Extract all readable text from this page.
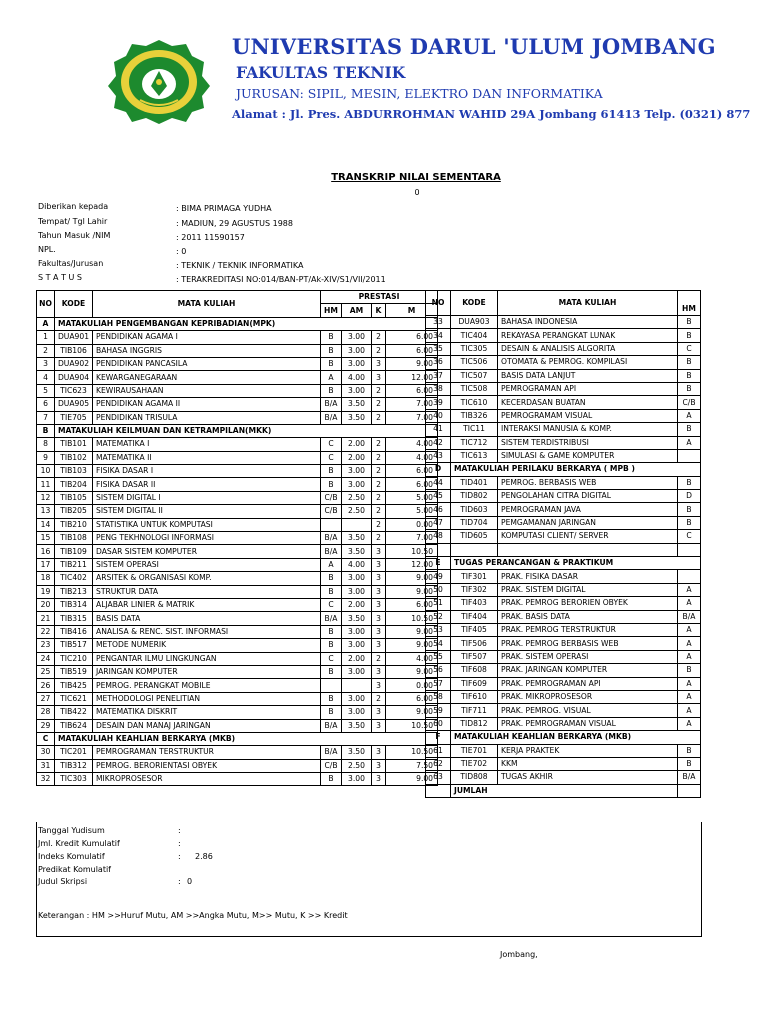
UNIVERSITAS DARUL 'ULUM JOMBANG
FAKULTAS TEKNIK
JURUSAN: SIPIL, MESIN, ELEKTRO DAN INFORMATIKA
Alamat : Jl. Pres. ABDURROHMAN WAHID 29A Jombang 61413 Telp. (0321) 877
TRANSKRIP NILAI SEMENTARA
0
Diberikan kepada	: BIMA PRIMAGA YUDHA
Tempat/ Tgl Lahir	: MADIUN, 29 AGUSTUS 1988
Tahun Masuk /NIM	: 2011 11590157
NPL.	: 0
Fakultas/Jurusan	: TEKNIK / TEKNIK INFORMATIKA
S T A T U S	: TERAKREDITASI NO:014/BAN-PT/Ak-XIV/S1/VII/2011
NO	KODE	MATA KULIAH	PRESTASI			
			HM	AM	K	M
A	MATAKULIAH PENGEMBANGAN KEPRIBADIAN(MPK)					
1	DUA901	PENDIDIKAN AGAMA I	B	3.00	2	6.00
2	TIB106	BAHASA INGGRIS	B	3.00	2	6.00
3	DUA902	PENDIDIKAN PANCASILA	B	3.00	3	9.00
4	DUA904	KEWARGANEGARAAN	A	4.00	3	12.00
5	TIC623	KEWIRAUSAHAAN	B	3.00	2	6.00
6	DUA905	PENDIDIKAN AGAMA II	B/A	3.50	2	7.00
7	TIE705	PENDIDIKAN TRISULA	B/A	3.50	2	7.00
B	MATAKULIAH KEILMUAN DAN KETRAMPILAN(MKK)					
8	TIB101	MATEMATIKA I	C	2.00	2	4.00
9	TIB102	MATEMATIKA II	C	2.00	2	4.00
10	TIB103	FISIKA DASAR I	B	3.00	2	6.00
11	TIB204	FISIKA DASAR II	B	3.00	2	6.00
12	TIB105	SISTEM DIGITAL I	C/B	2.50	2	5.00
13	TIB205	SISTEM DIGITAL II	C/B	2.50	2	5.00
14	TIB210	STATISTIKA UNTUK KOMPUTASI			2	0.00
15	TIB108	PENG TEKHNOLOGI INFORMASI	B/A	3.50	2	7.00
16	TIB109	DASAR SISTEM KOMPUTER	B/A	3.50	3	10.50
17	TIB211	SISTEM OPERASI	A	4.00	3	12.00
18	TIC402	ARSITEK & ORGANISASI KOMP.	B	3.00	3	9.00
19	TIB213	STRUKTUR DATA	B	3.00	3	9.00
20	TIB314	ALJABAR LINIER & MATRIK	C	2.00	3	6.00
21	TIB315	BASIS DATA	B/A	3.50	3	10.50
22	TIB416	ANALISA & RENC. SIST. INFORMASI	B	3.00	3	9.00
23	TIB517	METODE NUMERIK	B	3.00	3	9.00
24	TIC210	PENGANTAR ILMU LINGKUNGAN	C	2.00	2	4.00
25	TIB519	JARINGAN KOMPUTER	B	3.00	3	9.00
26	TIB425	PEMROG. PERANGKAT MOBILE			3	0.00
27	TIC621	METHODOLOGI PENELITIAN	B	3.00	2	6.00
28	TIB422	MATEMATIKA DISKRIT	B	3.00	3	9.00
29	TIB624	DESAIN DAN MANAJ JARINGAN	B/A	3.50	3	10.50
C	MATAKULIAH KEAHLIAN BERKARYA (MKB)					
30	TIC201	PEMROGRAMAN TERSTRUKTUR	B/A	3.50	3	10.50
31	TIB312	PEMROG. BERORIENTASI OBYEK	C/B	2.50	3	7.50
32	TIC303	MIKROPROSESOR	B	3.00	3	9.00
NO	KODE	MATA KULIAH	HM
33	DUA903	BAHASA INDONESIA	B
34	TIC404	REKAYASA PERANGKAT LUNAK	B
35	TIC305	DESAIN & ANALISIS ALGORITA	C
36	TIC506	OTOMATA & PEMROG. KOMPILASI	B
37	TIC507	BASIS DATA LANJUT	B
38	TIC508	PEMROGRAMAN API	B
39	TIC610	KECERDASAN BUATAN	C/B
40	TIB326	PEMROGRAMAM VISUAL	A
41	TIC11	INTERAKSI MANUSIA & KOMP.	B
42	TIC712	SISTEM TERDISTRIBUSI	A
43	TIC613	SIMULASI & GAME KOMPUTER	
D	MATAKULIAH PERILAKU BERKARYA ( MPB )		
44	TID401	PEMROG. BERBASIS WEB	B
45	TID802	PENGOLAHAN CITRA DIGITAL	D
46	TID603	PEMROGRAMAN JAVA	B
47	TID704	PEMGAMANAN JARINGAN	B
48	TID605	KOMPUTASI CLIENT/ SERVER	C

E	TUGAS PERANCANGAN & PRAKTIKUM		
49	TIF301	PRAK. FISIKA DASAR	
50	TIF302	PRAK. SISTEM DIGITAL	A
51	TIF403	PRAK. PEMROG BERORIEN OBYEK	A
52	TIF404	PRAK. BASIS DATA	B/A
53	TIF405	PRAK. PEMROG TERSTRUKTUR	A
54	TIF506	PRAK. PEMROG BERBASIS WEB	A
55	TIF507	PRAK. SISTEM OPERASI	A
56	TIF608	PRAK. JARINGAN KOMPUTER	B
57	TIF609	PRAK. PEMROGRAMAN API	A
58	TIF610	PRAK. MIKROPROSESOR	A
59	TIF711	PRAK. PEMROG. VISUAL	A
60	TID812	PRAK. PEMROGRAMAN VISUAL	A
F	MATAKULIAH KEAHLIAN BERKARYA (MKB)		
61	TIE701	KERJA PRAKTEK	B
62	TIE702	KKM	B
63	TID808	TUGAS AKHIR	B/A
	JUMLAH		
Tanggal Yudisum	:
Jml. Kredit Kumulatif	:
Indeks Komulatif	: 2.86
Predikat Komulatif
Judul Skripsi	: 0
Keterangan : HM >>Huruf Mutu, AM >>Angka Mutu, M>> Mutu, K >> Kredit
Jombang,
